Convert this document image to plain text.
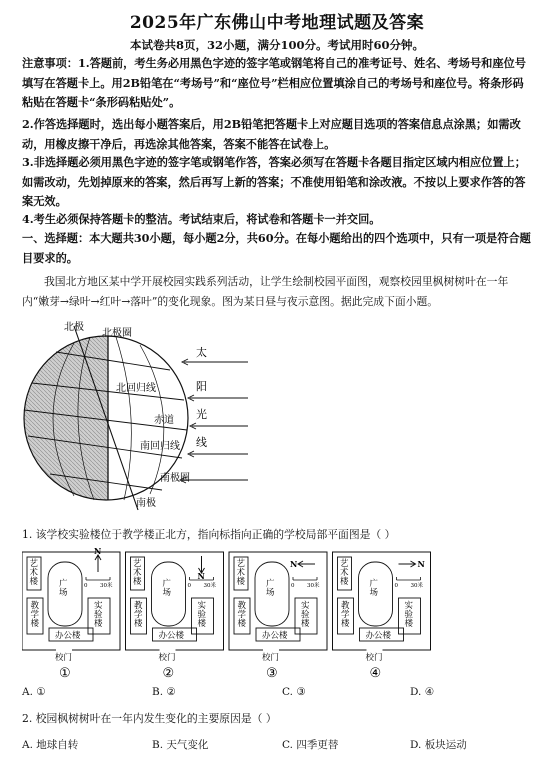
2025年广东佛山中考地理试题及答案
本试卷共8页，32小题，满分100分。考试用时60分钟。
注意事项：1.答题前，考生务必用黑色字迹的签字笔或钢笔将自己的准考证号、姓名、考场号和座位号填写在答题卡上。用2B铅笔在“考场号”和“座位号”栏相应位置填涂自己的考场号和座位号。将条形码粘贴在答题卡“条形码粘贴处”。
2.作答选择题时，选出每小题答案后，用2B铅笔把答题卡上对应题目选项的答案信息点涂黑；如需改动，用橡皮擦干净后，再选涂其他答案，答案不能答在试卷上。
3.非选择题必须用黑色字迹的签字笔或钢笔作答，答案必须写在答题卡各题目指定区域内相应位置上；如需改动，先划掉原来的答案，然后再写上新的答案；不准使用铅笔和涂改液。不按以上要求作答的答案无效。
4.考生必须保持答题卡的整洁。考试结束后，将试卷和答题卡一并交回。
一、选择题：本大题共30小题，每小题2分，共60分。在每小题给出的四个选项中，只有一项是符合题目要求的。
我国北方地区某中学开展校园实践系列活动，让学生绘制校园平面图，观察校园里枫树树叶在一年内“嫩芽→绿叶→红叶→落叶”的变化现象。图为某日昼与夜示意图。据此完成下面小题。
北极
北极圈
北回归线
赤道
南回归线
南极圈
南极
太
阳
光
线
1. 该学校实验楼位于教学楼正北方，指向标指向正确的学校局部平面图是（ ）
艺术楼 广场
教学楼
实验楼
办公楼
0 30米
N
校门
①
艺术楼 广场
教学楼
实验楼
办公楼
0 30米
N
校门
②
艺术楼 广场
教学楼
实验楼
办公楼
0 30米
N
校门
③
艺术楼 广场
教学楼
实验楼
办公楼
0 30米
N
校门
④
A. ①	B. ②	C. ③	D. ④
2. 校园枫树树叶在一年内发生变化的主要原因是（ ）
A. 地球自转	B. 天气变化	C. 四季更替	D. 板块运动
